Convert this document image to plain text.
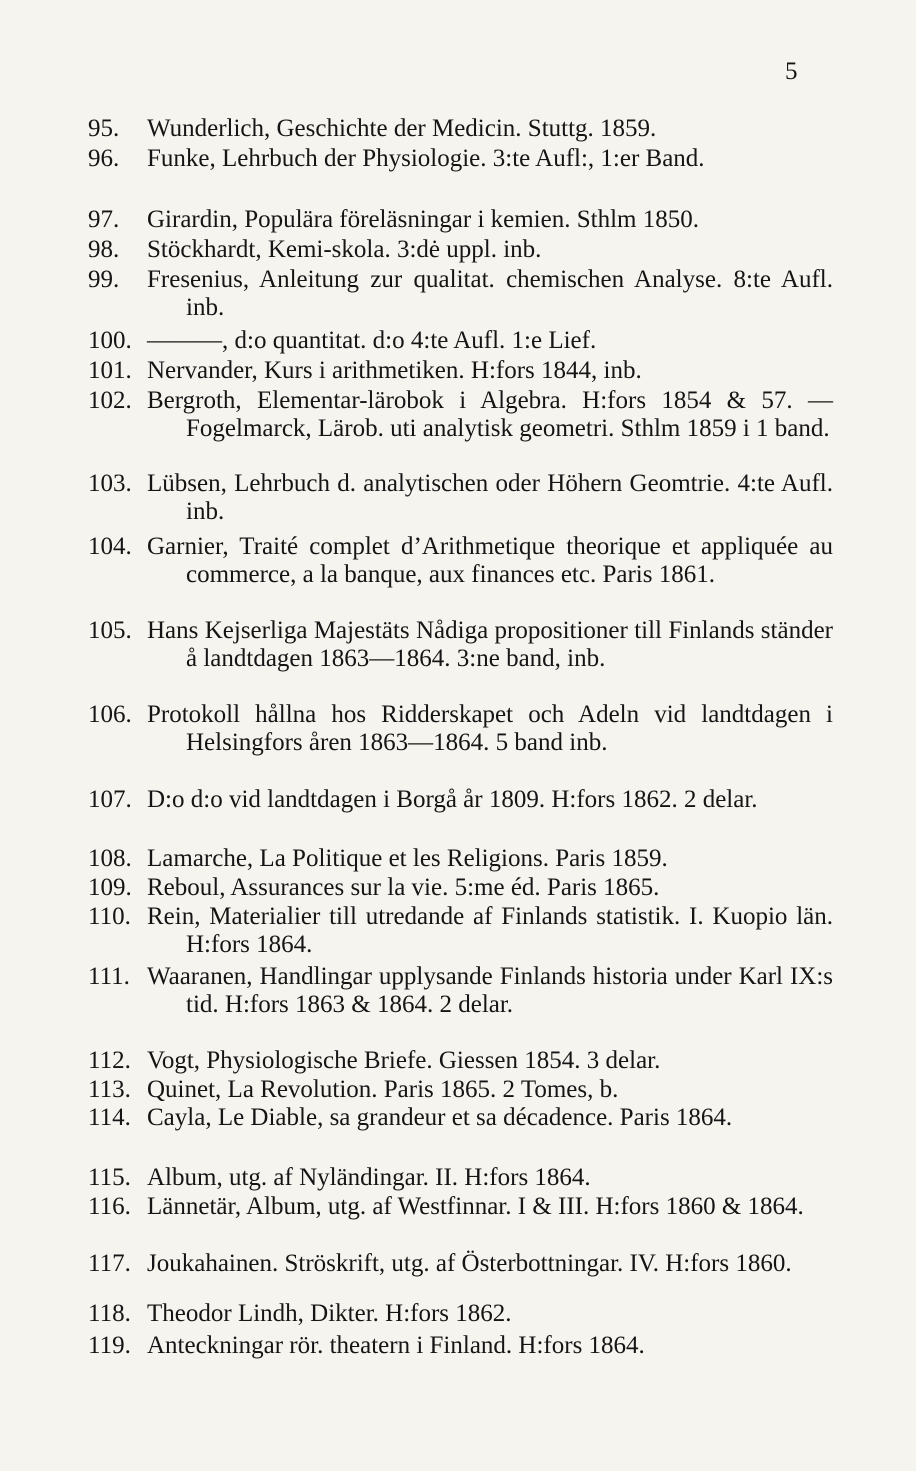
5
95.	Wunderlich, Geschichte der Medicin. Stuttg. 1859.
96.	Funke, Lehrbuch der Physiologie. 3:te Aufl:, 1:er Band.
97.	Girardin, Populära föreläsningar i kemien. Sthlm 1850.
98.	Stöckhardt, Kemi-skola. 3:dė uppl. inb.
99.	Fresenius, Anleitung zur qualitat. chemischen Analyse. 8:te Aufl. inb.
100. ———, d:o quantitat. d:o 4:te Aufl. 1:e Lief.
101. Nervander, Kurs i arithmetiken. H:fors 1844, inb.
102. Bergroth, Elementar-lärobok i Algebra. H:fors 1854 & 57. — Fogelmarck, Lärob. uti analytisk geometri. Sthlm 1859 i 1 band.
103. Lübsen, Lehrbuch d. analytischen oder Höhern Geomtrie. 4:te Aufl. inb.
104. Garnier, Traité complet d’Arithmetique theorique et appliquée au commerce, a la banque, aux finances etc. Paris 1861.
105. Hans Kejserliga Majestäts Nådiga propositioner till Finlands ständer å landtdagen 1863—1864. 3:ne band, inb.
106. Protokoll hållna hos Ridderskapet och Adeln vid landtdagen i Helsingfors åren 1863—1864. 5 band inb.
107. D:o d:o vid landtdagen i Borgå år 1809. H:fors 1862. 2 delar.
108. Lamarche, La Politique et les Religions. Paris 1859.
109. Reboul, Assurances sur la vie. 5:me éd. Paris 1865.
110. Rein, Materialier till utredande af Finlands statistik. I. Kuopio län. H:fors 1864.
111. Waaranen, Handlingar upplysande Finlands historia under Karl IX:s tid. H:fors 1863 & 1864. 2 delar.
112. Vogt, Physiologische Briefe. Giessen 1854. 3 delar.
113. Quinet, La Revolution. Paris 1865. 2 Tomes, b.
114. Cayla, Le Diable, sa grandeur et sa décadence. Paris 1864.
115. Album, utg. af Nyländingar. II. H:fors 1864.
116. Lännetär, Album, utg. af Westfinnar. I & III. H:fors 1860 & 1864.
117. Joukahainen. Ströskrift, utg. af Österbottningar. IV. H:fors 1860.
118. Theodor Lindh, Dikter. H:fors 1862.
119. Anteckningar rör. theatern i Finland. H:fors 1864.
